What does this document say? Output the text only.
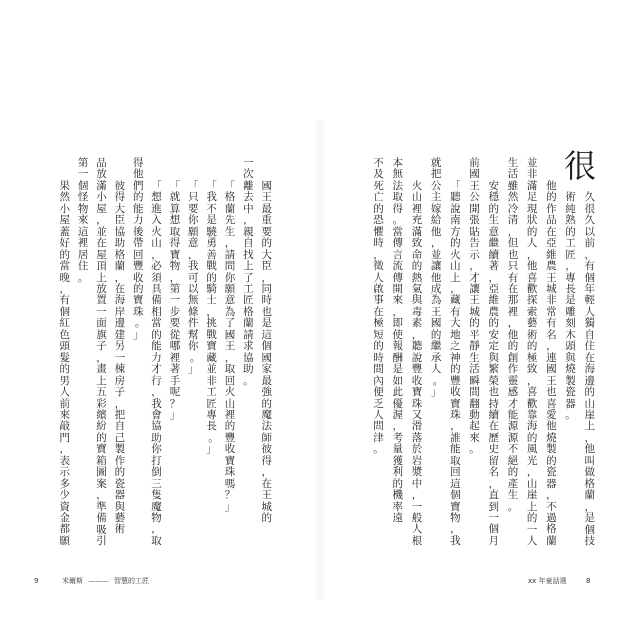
國王最重要的大臣，同時也是這個國家最強的魔法師彼得，在王城的
一次離去中，親自找上了工匠格蘭請求協助。
「格蘭先生，請問你願意為了國王，取回火山裡的豐收寶珠嗎？」
「我不是驍勇善戰的騎士，挑戰寶藏並非工匠專長。」
「只要你願意，我可以無條件幫你。」
「就算想取得寶物，第一步要從哪裡著手呢？」
「想進入火山，必須具備相當的能力才行，我會協助你打倒三隻魔物，取
得他們的能力後帶回豐收的寶珠。」
彼得大臣協助格蘭，在海岸邊建另一棟房子，把自己製作的瓷器與藝術
品放滿小屋，並在屋頂上放置一面旗子，畫上五彩繽紛的寶箱圖案，準備吸引
第一個怪物來這裡居住。
果然小屋蓋好的當晚，有個紅色頭髮的男人前來敲門，表示多少資金都願
9	米爾斯 ——— 智慧的工匠
很
久很久以前，有個年輕人獨自住在海邊的山崖上，他叫做格蘭，是個技
術純熟的工匠，專長是雕刻木頭與燒製瓷器。
他的作品在亞維農王城非常有名，連國王也喜愛他燒製的瓷器，不過格蘭
並非滿足現狀的人，他喜歡探索藝術的極致，喜歡靠海的風光，山崖上的一人
生活雖然冷清，但也只有在那裡，他的創作靈感才能源源不絕的產生。
安穩的生意繼續著，亞維農的安定與繁榮也持續在歷史留名，直到一個月
前國王公開張貼告示，才讓王城的平靜生活瞬間翻動起來。
「聽說南方的火山上，藏有大地之神的豐收寶珠，誰能取回這個寶物，我
就把公主嫁給他，並讓他成為王國的繼承人。」
火山裡充滿致命的熱氣與毒素，聽說豐收寶珠又滑落於岩漿中，一般人根
本無法取得。當傳言流傳開來，即使報酬是如此優渥，考量獲利的機率遠
不及死亡的恐懼時，徵人啟事在極短的時間內便乏人問津。
xx 年童話選	8
